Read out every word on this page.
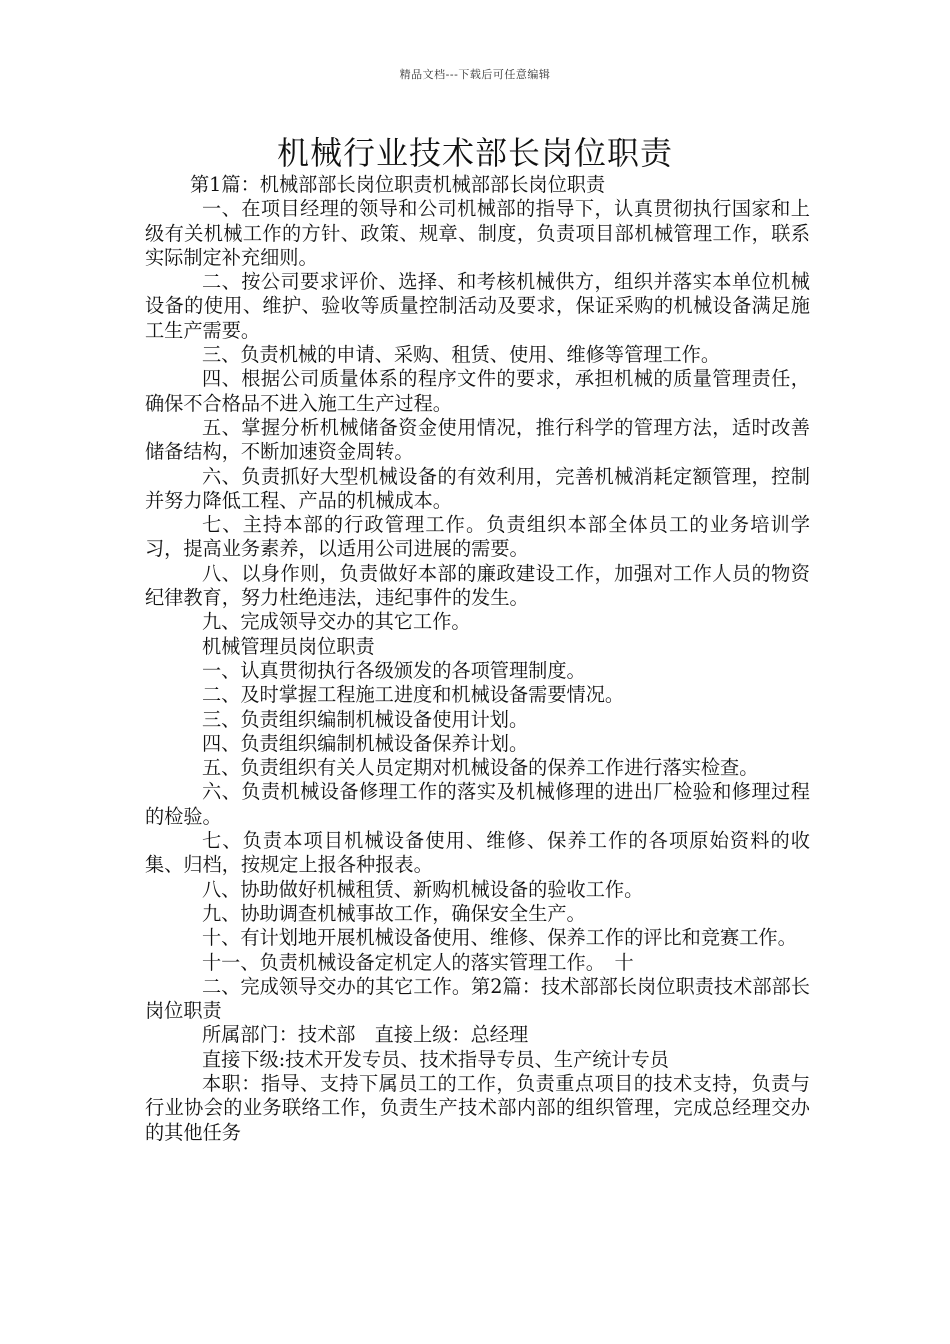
精品文档---下载后可任意编辑
机械行业技术部长岗位职责

第1篇：机械部部长岗位职责机械部部长岗位职责

一、在项目经理的领导和公司机械部的指导下，认真贯彻执行国家和上级有关机械工作的方针、政策、规章、制度，负责项目部机械管理工作，联系实际制定补充细则。

二、按公司要求评价、选择、和考核机械供方，组织并落实本单位机械设备的使用、维护、验收等质量控制活动及要求，保证采购的机械设备满足施工生产需要。

三、负责机械的申请、采购、租赁、使用、维修等管理工作。

四、根据公司质量体系的程序文件的要求，承担机械的质量管理责任，确保不合格品不进入施工生产过程。

五、掌握分析机械储备资金使用情况，推行科学的管理方法，适时改善储备结构，不断加速资金周转。

六、负责抓好大型机械设备的有效利用，完善机械消耗定额管理，控制并努力降低工程、产品的机械成本。

七、主持本部的行政管理工作。负责组织本部全体员工的业务培训学习，提高业务素养，以适用公司进展的需要。

八、以身作则，负责做好本部的廉政建设工作，加强对工作人员的物资纪律教育，努力杜绝违法，违纪事件的发生。

九、完成领导交办的其它工作。

机械管理员岗位职责

一、认真贯彻执行各级颁发的各项管理制度。

二、及时掌握工程施工进度和机械设备需要情况。

三、负责组织编制机械设备使用计划。

四、负责组织编制机械设备保养计划。

五、负责组织有关人员定期对机械设备的保养工作进行落实检查。

六、负责机械设备修理工作的落实及机械修理的进出厂检验和修理过程的检验。

七、负责本项目机械设备使用、维修、保养工作的各项原始资料的收集、归档，按规定上报各种报表。

八、协助做好机械租赁、新购机械设备的验收工作。

九、协助调查机械事故工作，确保安全生产。

十、有计划地开展机械设备使用、维修、保养工作的评比和竞赛工作。

十一、负责机械设备定机定人的落实管理工作。　十

二、完成领导交办的其它工作。第2篇：技术部部长岗位职责技术部部长岗位职责

所属部门：技术部　直接上级：总经理

直接下级:技术开发专员、技术指导专员、生产统计专员

本职：指导、支持下属员工的工作，负责重点项目的技术支持，负责与行业协会的业务联络工作，负责生产技术部内部的组织管理，完成总经理交办的其他任务
